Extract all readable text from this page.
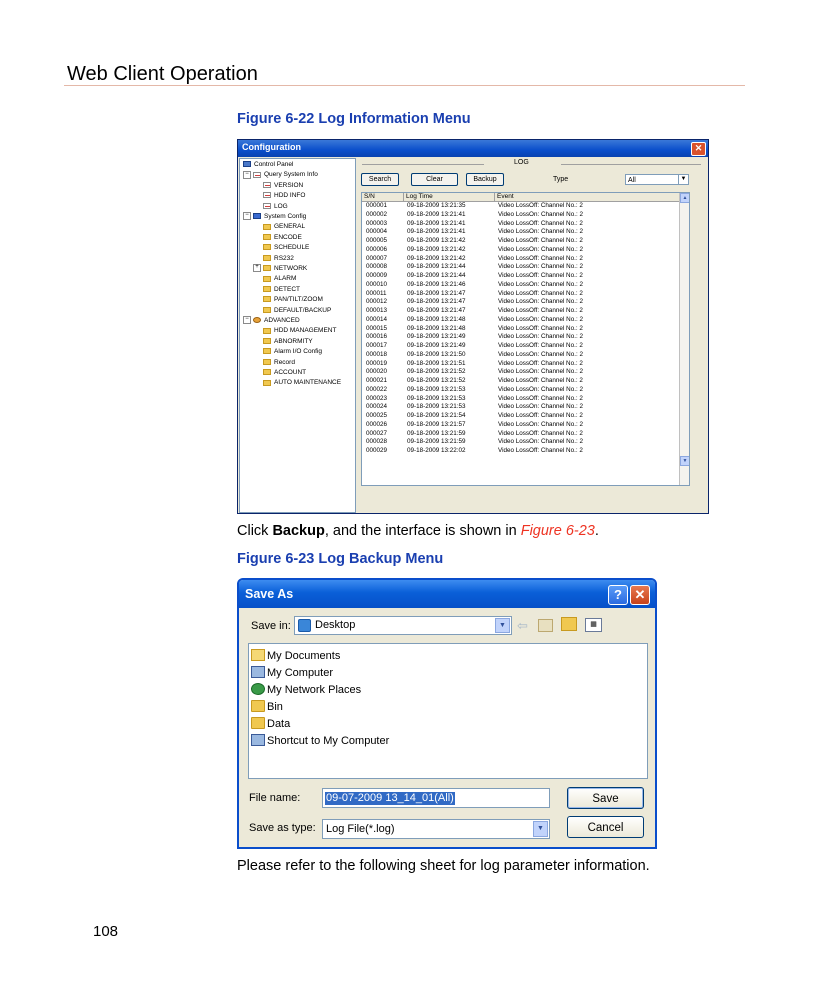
Web Client Operation
Figure 6-22 Log Information Menu
Configuration	✕
Control Panel
− Query System Info
VERSION
HDD INFO
LOG
− System Config
GENERAL
ENCODE
SCHEDULE
RS232
+ NETWORK
ALARM
DETECT
PAN/TILT/ZOOM
DEFAULT/BACKUP
− ADVANCED
HDD MANAGEMENT
ABNORMITY
Alarm I/O Config
Record
ACCOUNT
AUTO MAINTENANCE
LOG
Search	Clear	Backup	Type	All	▼
S/N	Log Time	Event
000001	09-18-2009 13:21:35	Video LossOff: Channel No.: 2
000002	09-18-2009 13:21:41	Video LossOn: Channel No.: 2
000003	09-18-2009 13:21:41	Video LossOff: Channel No.: 2
000004	09-18-2009 13:21:41	Video LossOn: Channel No.: 2
000005	09-18-2009 13:21:42	Video LossOff: Channel No.: 2
000006	09-18-2009 13:21:42	Video LossOn: Channel No.: 2
000007	09-18-2009 13:21:42	Video LossOff: Channel No.: 2
000008	09-18-2009 13:21:44	Video LossOn: Channel No.: 2
000009	09-18-2009 13:21:44	Video LossOff: Channel No.: 2
000010	09-18-2009 13:21:46	Video LossOn: Channel No.: 2
000011	09-18-2009 13:21:47	Video LossOff: Channel No.: 2
000012	09-18-2009 13:21:47	Video LossOn: Channel No.: 2
000013	09-18-2009 13:21:47	Video LossOff: Channel No.: 2
000014	09-18-2009 13:21:48	Video LossOn: Channel No.: 2
000015	09-18-2009 13:21:48	Video LossOff: Channel No.: 2
000016	09-18-2009 13:21:49	Video LossOn: Channel No.: 2
000017	09-18-2009 13:21:49	Video LossOff: Channel No.: 2
000018	09-18-2009 13:21:50	Video LossOn: Channel No.: 2
000019	09-18-2009 13:21:51	Video LossOff: Channel No.: 2
000020	09-18-2009 13:21:52	Video LossOn: Channel No.: 2
000021	09-18-2009 13:21:52	Video LossOff: Channel No.: 2
000022	09-18-2009 13:21:53	Video LossOn: Channel No.: 2
000023	09-18-2009 13:21:53	Video LossOff: Channel No.: 2
000024	09-18-2009 13:21:53	Video LossOn: Channel No.: 2
000025	09-18-2009 13:21:54	Video LossOff: Channel No.: 2
000026	09-18-2009 13:21:57	Video LossOn: Channel No.: 2
000027	09-18-2009 13:21:59	Video LossOff: Channel No.: 2
000028	09-18-2009 13:21:59	Video LossOn: Channel No.: 2
000029	09-18-2009 13:22:02	Video LossOff: Channel No.: 2
▲
▼
Click Backup, and the interface is shown in Figure 6-23.
Figure 6-23 Log Backup Menu
Save As	? ✕
Save in: Desktop	▼ ⇦	▦
My Documents
My Computer
My Network Places
Bin
Data
Shortcut to My Computer
File name: 09-07-2009 13_14_01(All)	Save
Save as type: Log File(*.log)	▼	Cancel
Please refer to the following sheet for log parameter information.
108
